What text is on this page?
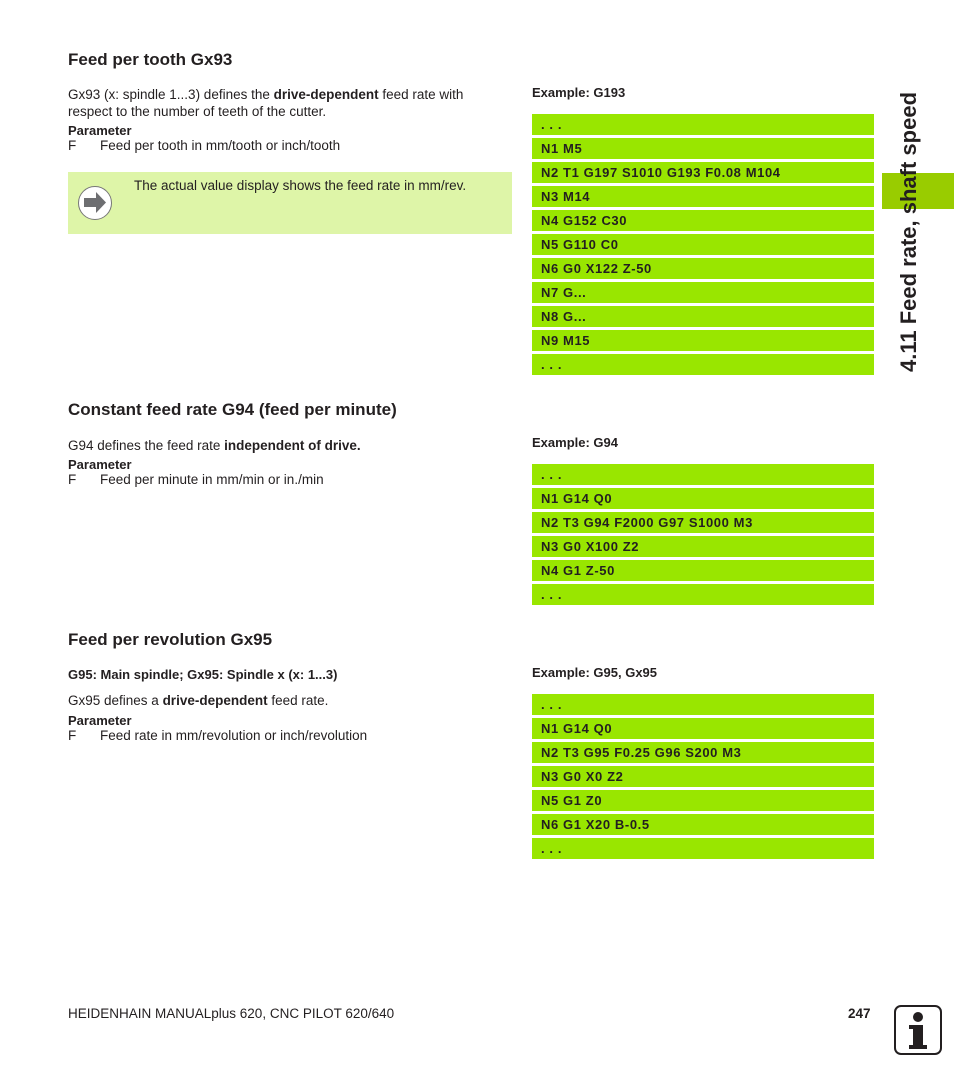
4.11 Feed rate, shaft speed
Feed per tooth Gx93
Gx93 (x: spindle 1...3) defines the drive-dependent feed rate with
respect to the number of teeth of the cutter.
Parameter
F Feed per tooth in mm/tooth or inch/tooth
The actual value display shows the feed rate in mm/rev.
Example: G193
. . .
N1 M5
N2 T1 G197 S1010 G193 F0.08 M104
N3 M14
N4 G152 C30
N5 G110 C0
N6 G0 X122 Z-50
N7 G...
N8 G...
N9 M15
. . .
Constant feed rate G94 (feed per minute)
G94 defines the feed rate independent of drive.
Parameter
F Feed per minute in mm/min or in./min
Example: G94
. . .
N1 G14 Q0
N2 T3 G94 F2000 G97 S1000 M3
N3 G0 X100 Z2
N4 G1 Z-50
. . .
Feed per revolution Gx95
G95: Main spindle; Gx95: Spindle x (x: 1...3)
Gx95 defines a drive-dependent feed rate.
Parameter
F Feed rate in mm/revolution or inch/revolution
Example: G95, Gx95
. . .
N1 G14 Q0
N2 T3 G95 F0.25 G96 S200 M3
N3 G0 X0 Z2
N5 G1 Z0
N6 G1 X20 B-0.5
. . .
HEIDENHAIN MANUALplus 620, CNC PILOT 620/640	247
